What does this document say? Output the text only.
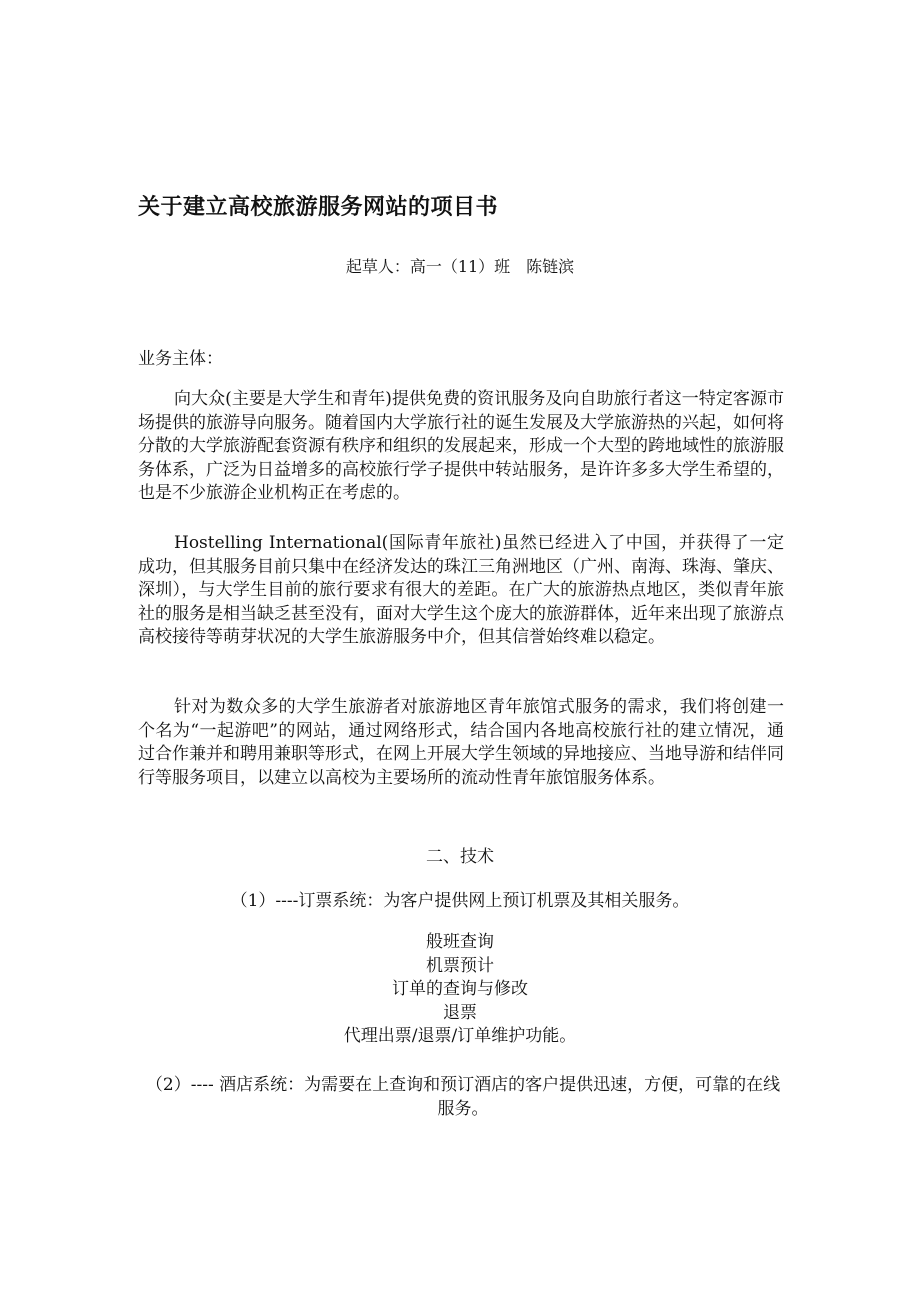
关于建立高校旅游服务网站的项目书
起草人：高一（11）班　陈链滨
业务主体：

向大众(主要是大学生和青年)提供免费的资讯服务及向自助旅行者这一特定客源市场提供的旅游导向服务。随着国内大学旅行社的诞生发展及大学旅游热的兴起，如何将分散的大学旅游配套资源有秩序和组织的发展起来，形成一个大型的跨地域性的旅游服务体系，广泛为日益增多的高校旅行学子提供中转站服务，是许许多多大学生希望的，也是不少旅游企业机构正在考虑的。

Hostelling International(国际青年旅社)虽然已经进入了中国，并获得了一定成功，但其服务目前只集中在经济发达的珠江三角洲地区（广州、南海、珠海、肇庆、深圳），与大学生目前的旅行要求有很大的差距。在广大的旅游热点地区，类似青年旅社的服务是相当缺乏甚至没有，面对大学生这个庞大的旅游群体，近年来出现了旅游点高校接待等萌芽状况的大学生旅游服务中介，但其信誉始终难以稳定。

针对为数众多的大学生旅游者对旅游地区青年旅馆式服务的需求，我们将创建一个名为“一起游吧”的网站，通过网络形式，结合国内各地高校旅行社的建立情况，通过合作兼并和聘用兼职等形式，在网上开展大学生领域的异地接应、当地导游和结伴同行等服务项目，以建立以高校为主要场所的流动性青年旅馆服务体系。

二、技术
（1）----订票系统：为客户提供网上预订机票及其相关服务。
般班查询
机票预计
订单的查询与修改
退票
代理出票/退票/订单维护功能。

（2）---- 酒店系统：为需要在上查询和预订酒店的客户提供迅速，方便，可靠的在线服务。
